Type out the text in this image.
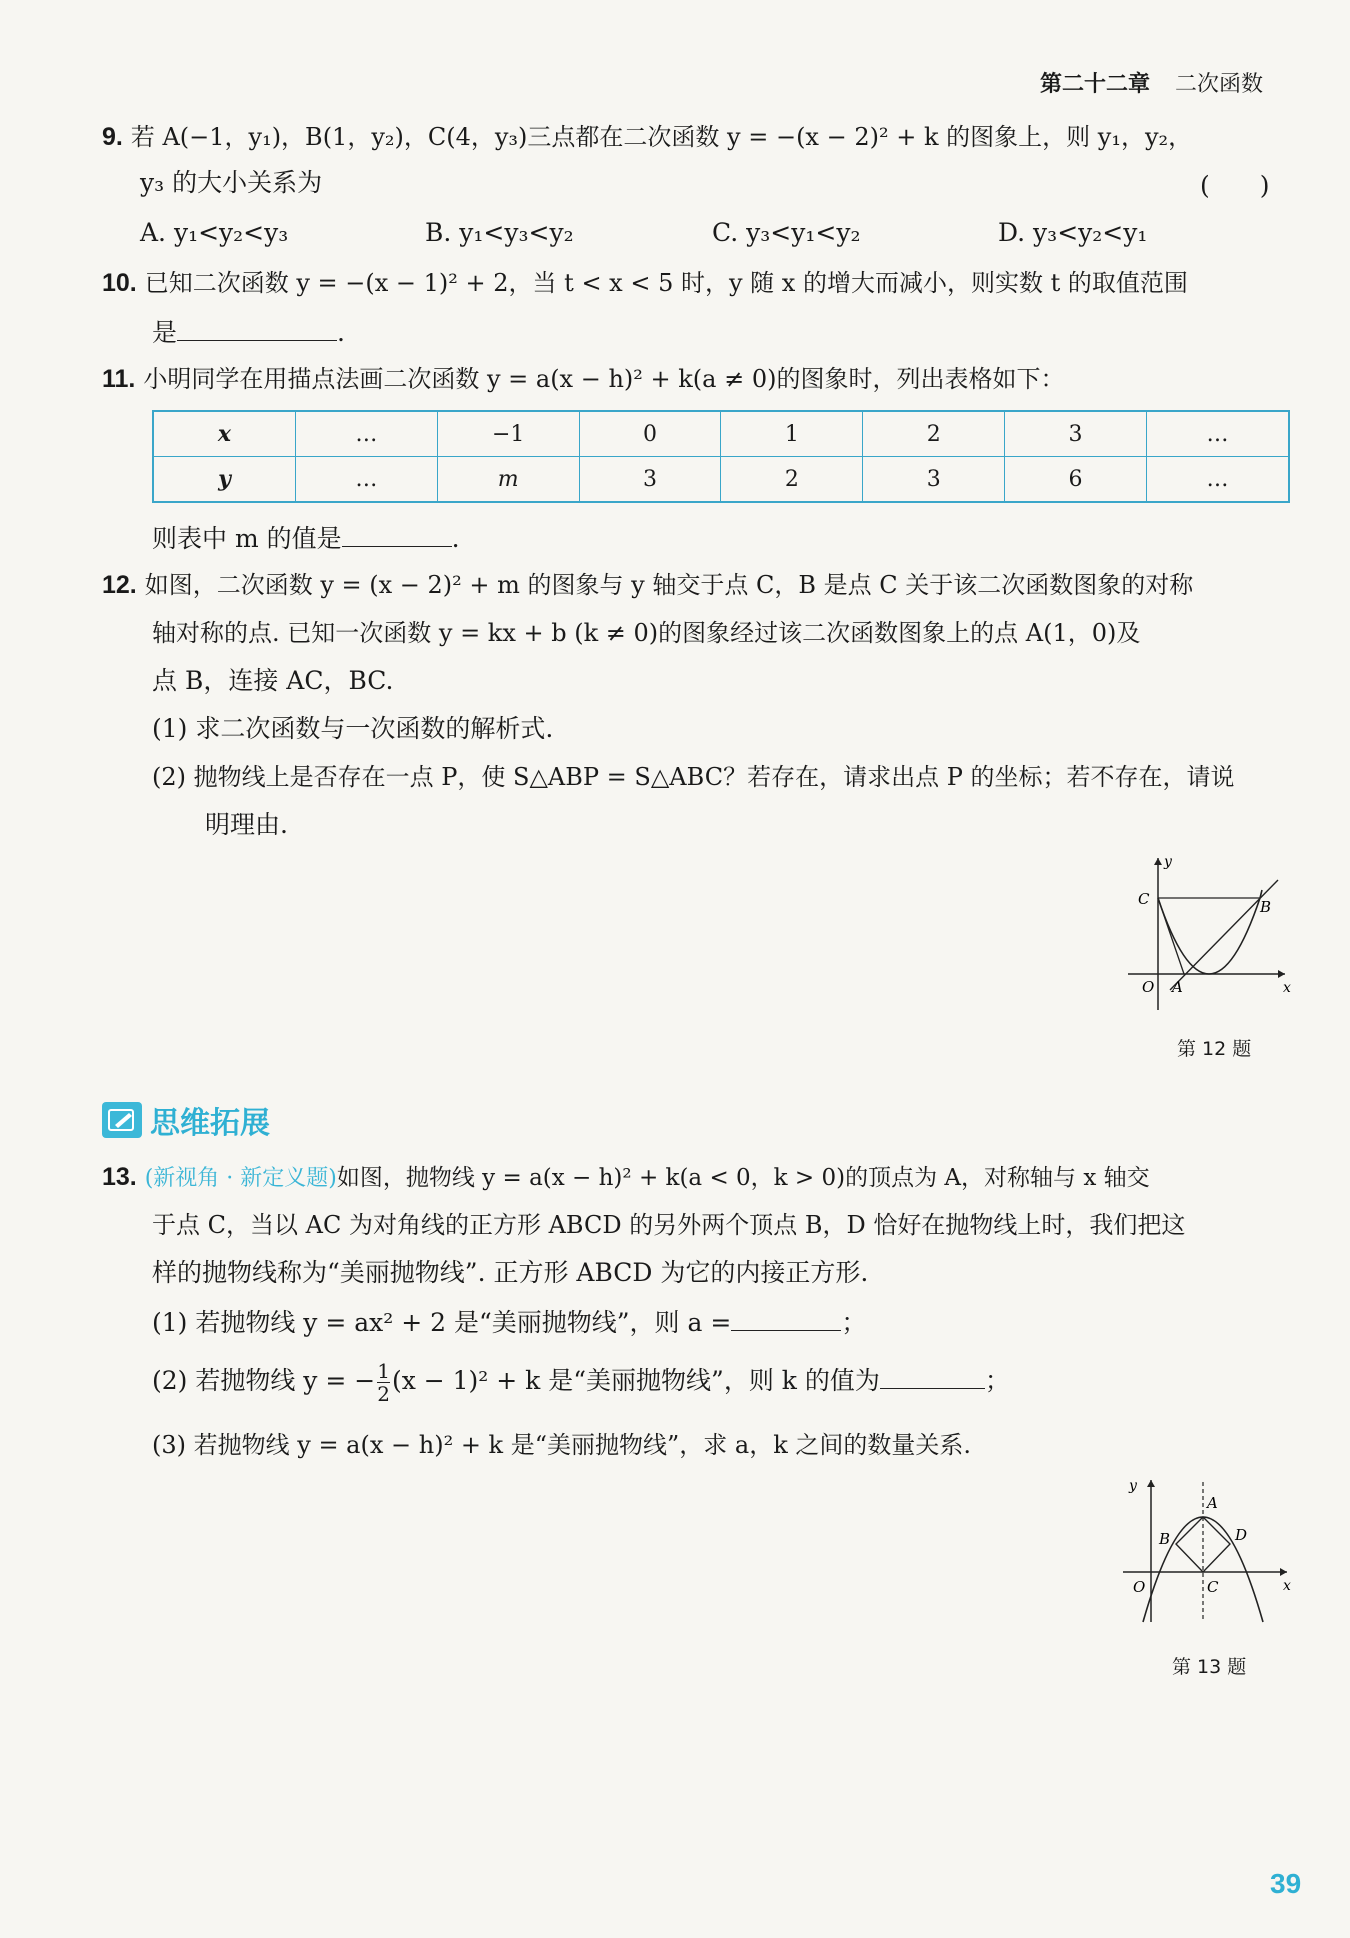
第二十二章 二次函数
9. 若 A(−1，y₁)，B(1，y₂)，C(4，y₃)三点都在二次函数 y = −(x − 2)² + k 的图象上，则 y₁，y₂，
y₃ 的大小关系为	(　　)
A. y₁<y₂<y₃	B. y₁<y₃<y₂	C. y₃<y₁<y₂	D. y₃<y₂<y₁
10. 已知二次函数 y = −(x − 1)² + 2，当 t < x < 5 时，y 随 x 的增大而减小，则实数 t 的取值范围
是	.
11. 小明同学在用描点法画二次函数 y = a(x − h)² + k(a ≠ 0)的图象时，列出表格如下：
x	…	−1	0	1	2	3	…
y	…	m	3	2	3	6	…
则表中 m 的值是	.
12. 如图，二次函数 y = (x − 2)² + m 的图象与 y 轴交于点 C，B 是点 C 关于该二次函数图象的对称
轴对称的点. 已知一次函数 y = kx + b (k ≠ 0)的图象经过该二次函数图象上的点 A(1，0)及
点 B，连接 AC，BC.
(1) 求二次函数与一次函数的解析式.
(2) 抛物线上是否存在一点 P，使 S△ABP = S△ABC？若存在，请求出点 P 的坐标；若不存在，请说
明理由.
y
x
O A
B
C
第 12 题
思维拓展
13. (新视角 · 新定义题)如图，抛物线 y = a(x − h)² + k(a < 0，k > 0)的顶点为 A，对称轴与 x 轴交
于点 C，当以 AC 为对角线的正方形 ABCD 的另外两个顶点 B，D 恰好在抛物线上时，我们把这
样的抛物线称为“美丽抛物线”. 正方形 ABCD 为它的内接正方形.
(1) 若抛物线 y = ax² + 2 是“美丽抛物线”，则 a =	；
(2) 若抛物线 y = − $\frac{1}{2} (x - 1)^2 + k$ 是“美丽抛物线”，则 k 的值为	；
(3) 若抛物线 y = a(x − h)² + k 是“美丽抛物线”，求 a，k 之间的数量关系.
y
x
O
A
B
C
D
第 13 题
39
